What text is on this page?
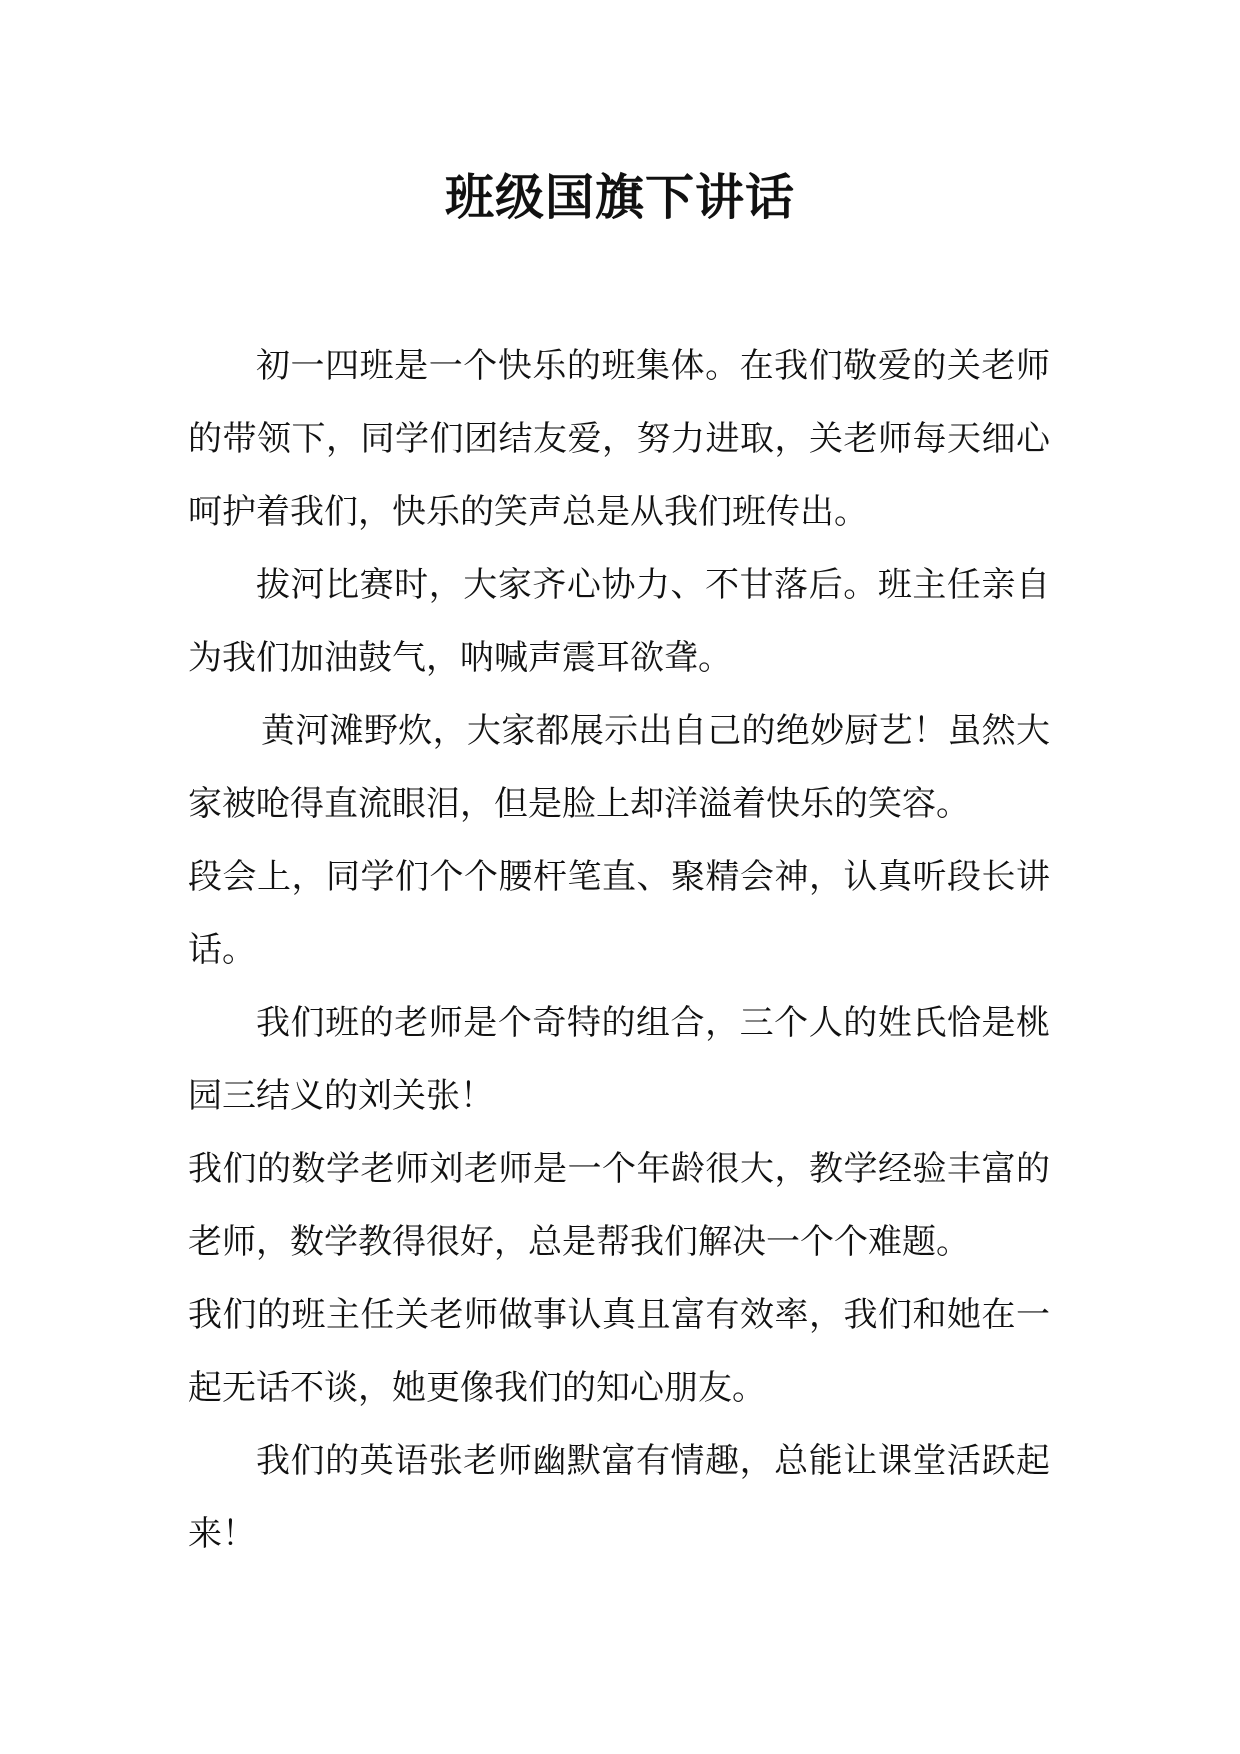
班级国旗下讲话

初一四班是一个快乐的班集体。在我们敬爱的关老师的带领下，同学们团结友爱，努力进取，关老师每天细心呵护着我们，快乐的笑声总是从我们班传出。

拔河比赛时，大家齐心协力、不甘落后。班主任亲自为我们加油鼓气，呐喊声震耳欲聋。

黄河滩野炊，大家都展示出自己的绝妙厨艺！虽然大家被呛得直流眼泪，但是脸上却洋溢着快乐的笑容。

段会上，同学们个个腰杆笔直、聚精会神，认真听段长讲话。

我们班的老师是个奇特的组合，三个人的姓氏恰是桃园三结义的刘关张！

我们的数学老师刘老师是一个年龄很大，教学经验丰富的老师，数学教得很好，总是帮我们解决一个个难题。

我们的班主任关老师做事认真且富有效率，我们和她在一起无话不谈，她更像我们的知心朋友。

我们的英语张老师幽默富有情趣，总能让课堂活跃起来！
